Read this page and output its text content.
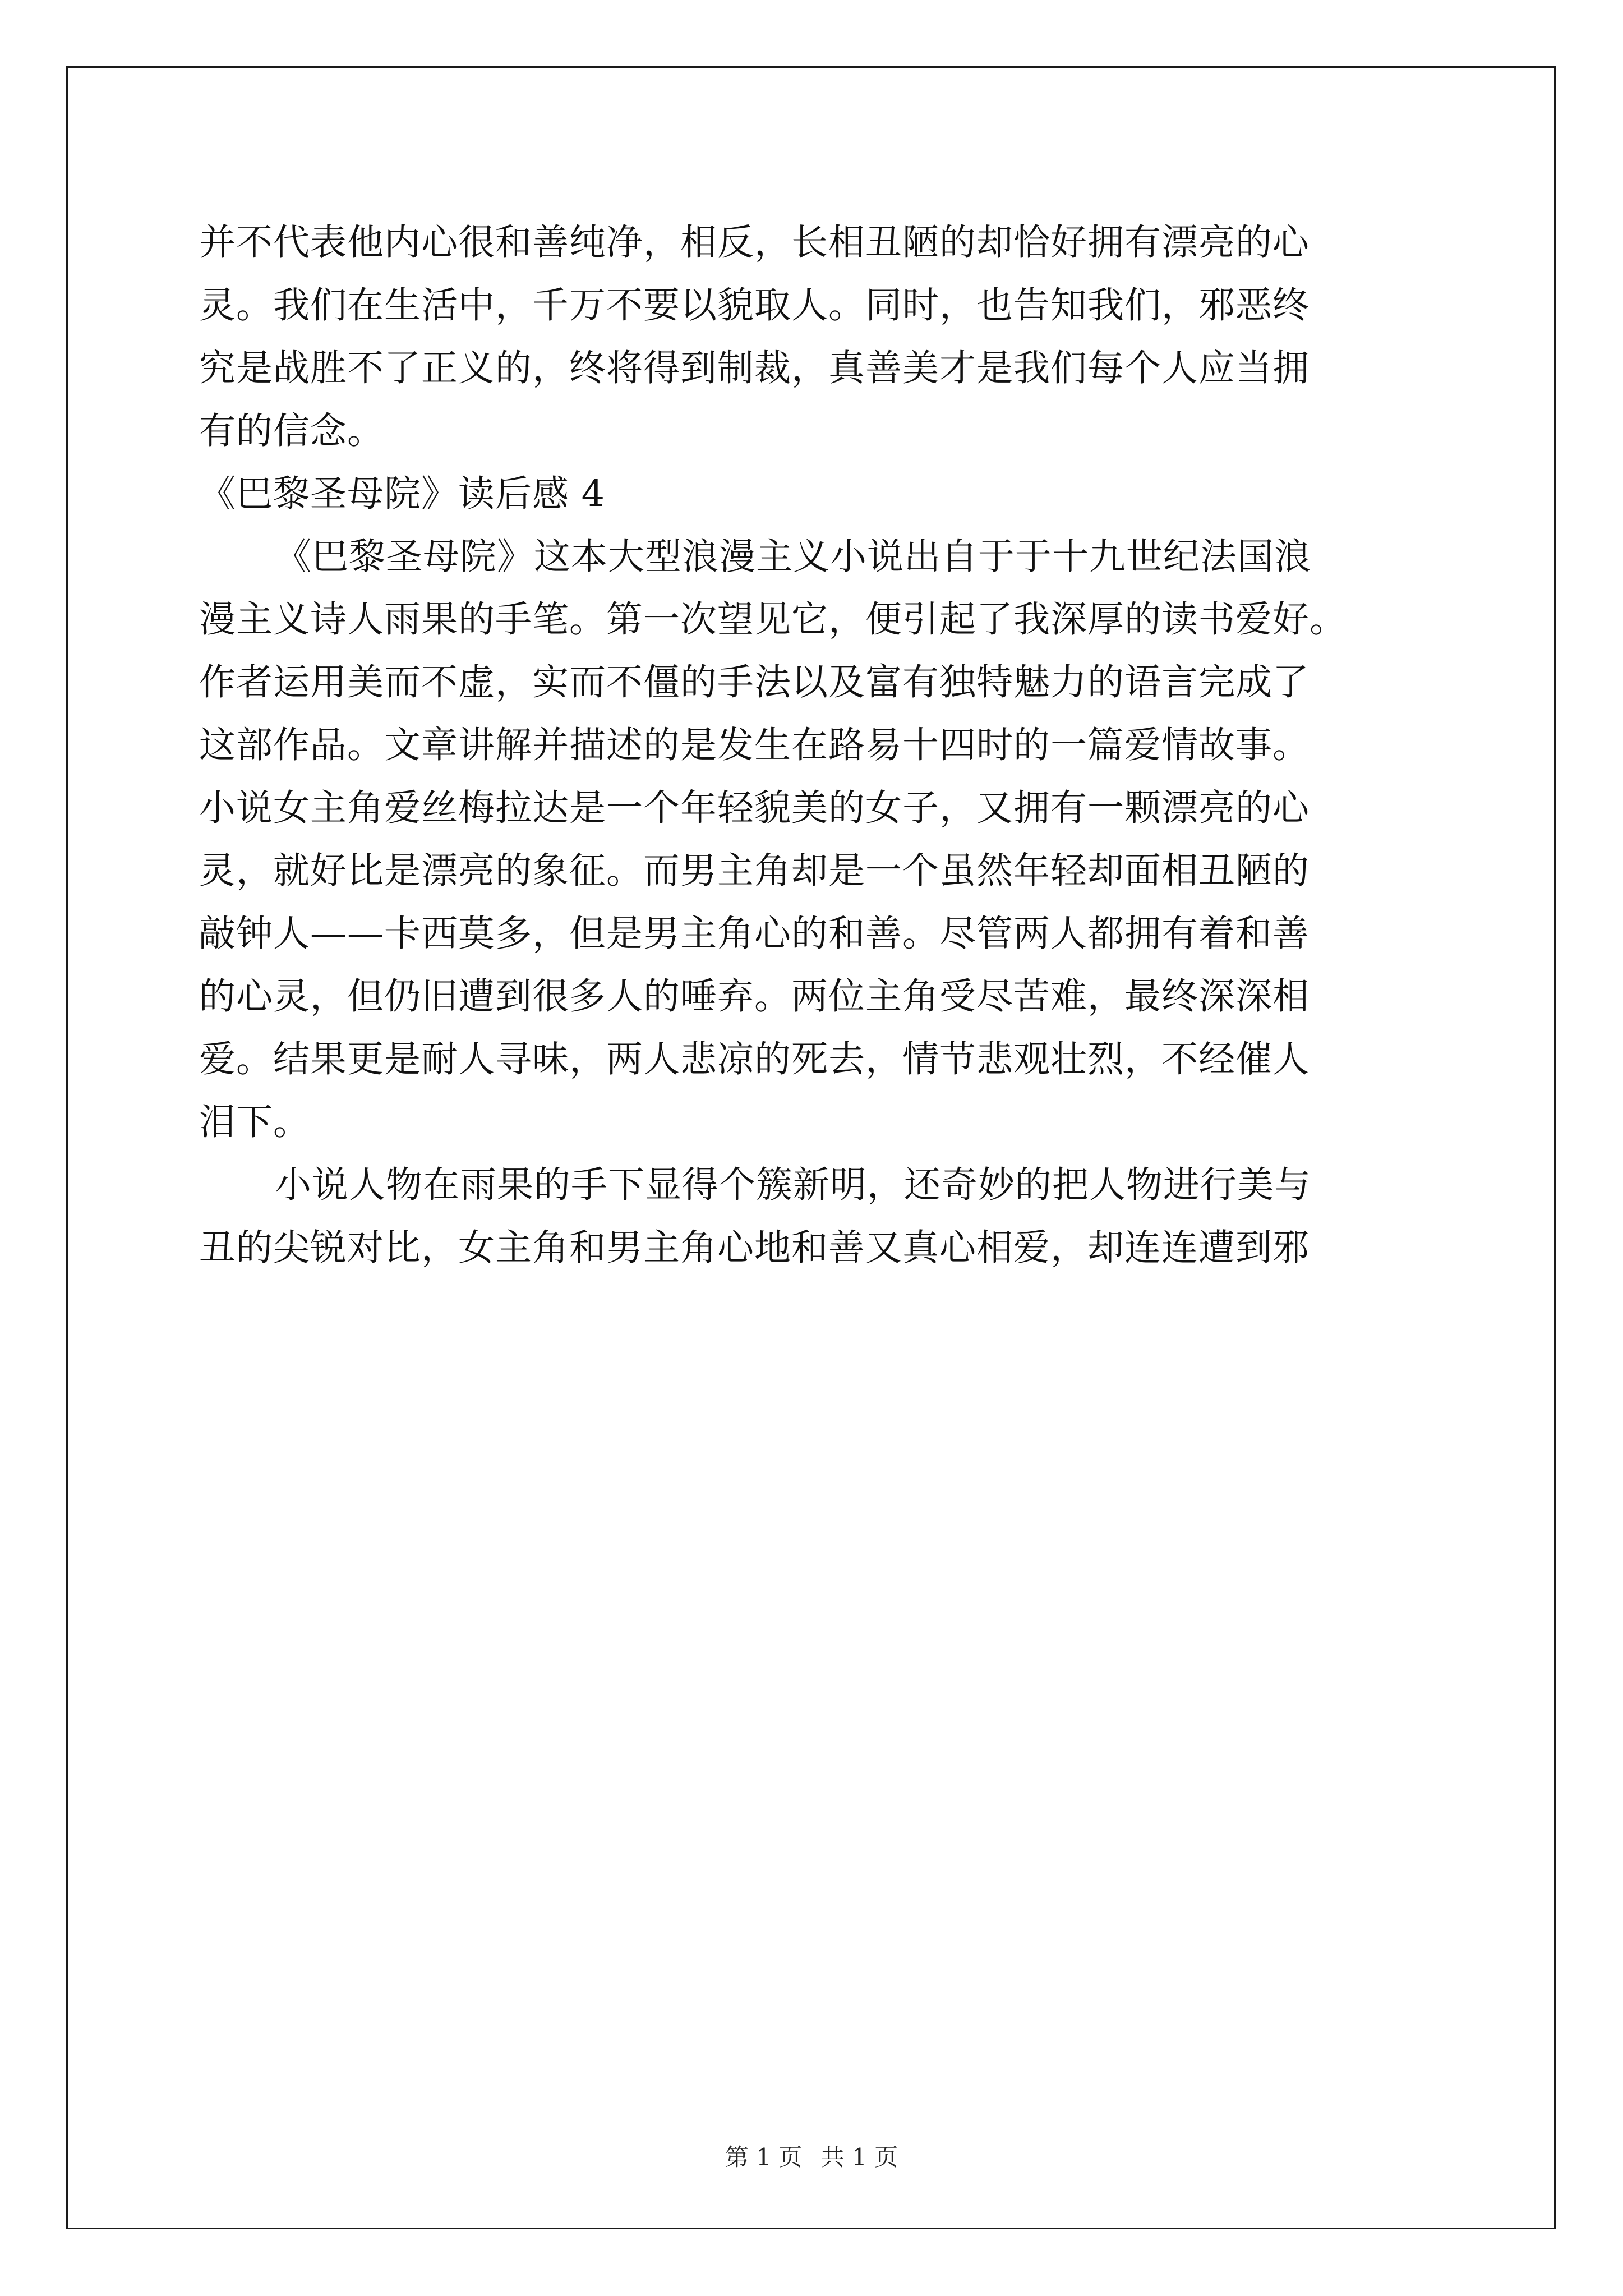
并不代表他内心很和善纯净，相反，长相丑陋的却恰好拥有漂亮的心
灵。我们在生活中，千万不要以貌取人。同时，也告知我们，邪恶终
究是战胜不了正义的，终将得到制裁，真善美才是我们每个人应当拥
有的信念。
《巴黎圣母院》读后感 4
《巴黎圣母院》这本大型浪漫主义小说出自于于十九世纪法国浪
漫主义诗人雨果的手笔。第一次望见它，便引起了我深厚的读书爱好。
作者运用美而不虚，实而不僵的手法以及富有独特魅力的语言完成了
这部作品。文章讲解并描述的是发生在路易十四时的一篇爱情故事。
小说女主角爱丝梅拉达是一个年轻貌美的女子，又拥有一颗漂亮的心
灵，就好比是漂亮的象征。而男主角却是一个虽然年轻却面相丑陋的
敲钟人——卡西莫多，但是男主角心的和善。尽管两人都拥有着和善
的心灵，但仍旧遭到很多人的唾弃。两位主角受尽苦难，最终深深相
爱。结果更是耐人寻味，两人悲凉的死去，情节悲观壮烈，不经催人
泪下。
小说人物在雨果的手下显得个簇新明，还奇妙的把人物进行美与
丑的尖锐对比，女主角和男主角心地和善又真心相爱，却连连遭到邪
第 1 页 共 1 页
